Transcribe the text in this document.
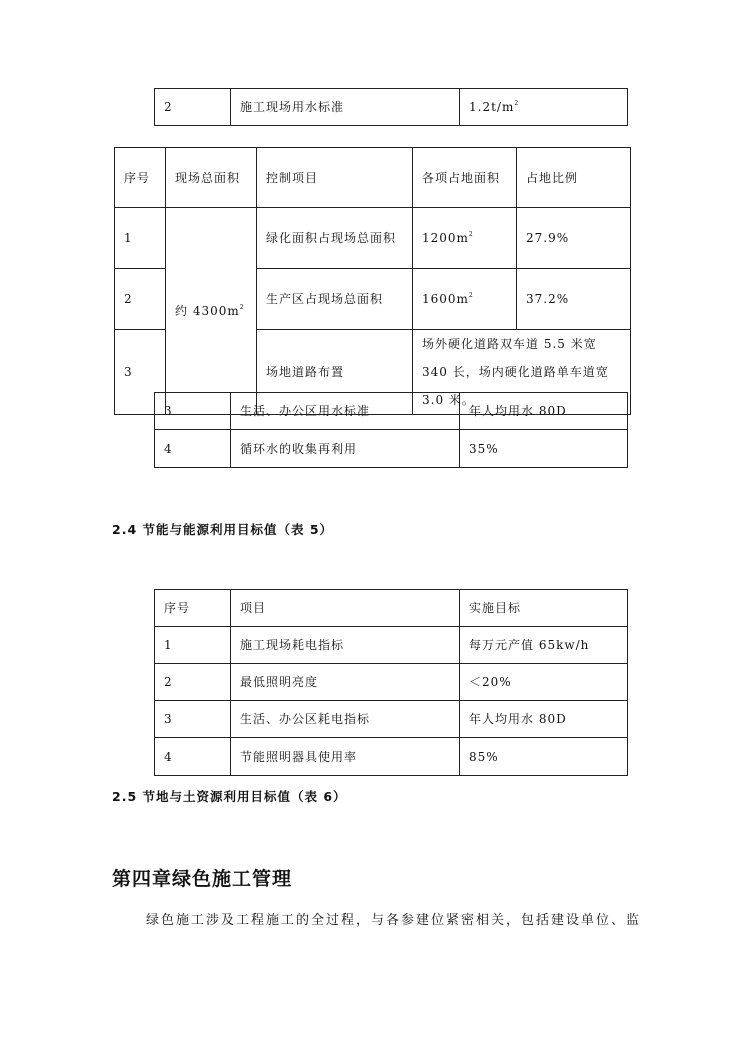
2	施工现场用水标准	$1.2t/m^2$
序号	现场总面积	控制项目	各项占地面积	占地比例
1	约 $4300m^2$	绿化面积占现场总面积	$1200m^2$	27.9%
2		生产区占现场总面积	$1600m^2$	37.2%
3		场地道路布置	场外硬化道路双车道 5.5 米宽 340 长，场内硬化道路单车道宽 3.0 米。	
3	生活、办公区用水标准	年人均用水 80D
4	循环水的收集再利用	35%

2.4 节能与能源利用目标值（表 5）

序号	项目	实施目标
1	施工现场耗电指标	每万元产值 65kw/h
2	最低照明亮度	＜20%
3	生活、办公区耗电指标	年人均用水 80D
4	节能照明器具使用率	85%

2.5 节地与土资源利用目标值（表 6）

第四章绿色施工管理

绿色施工涉及工程施工的全过程，与各参建位紧密相关，包括建设单位、监
